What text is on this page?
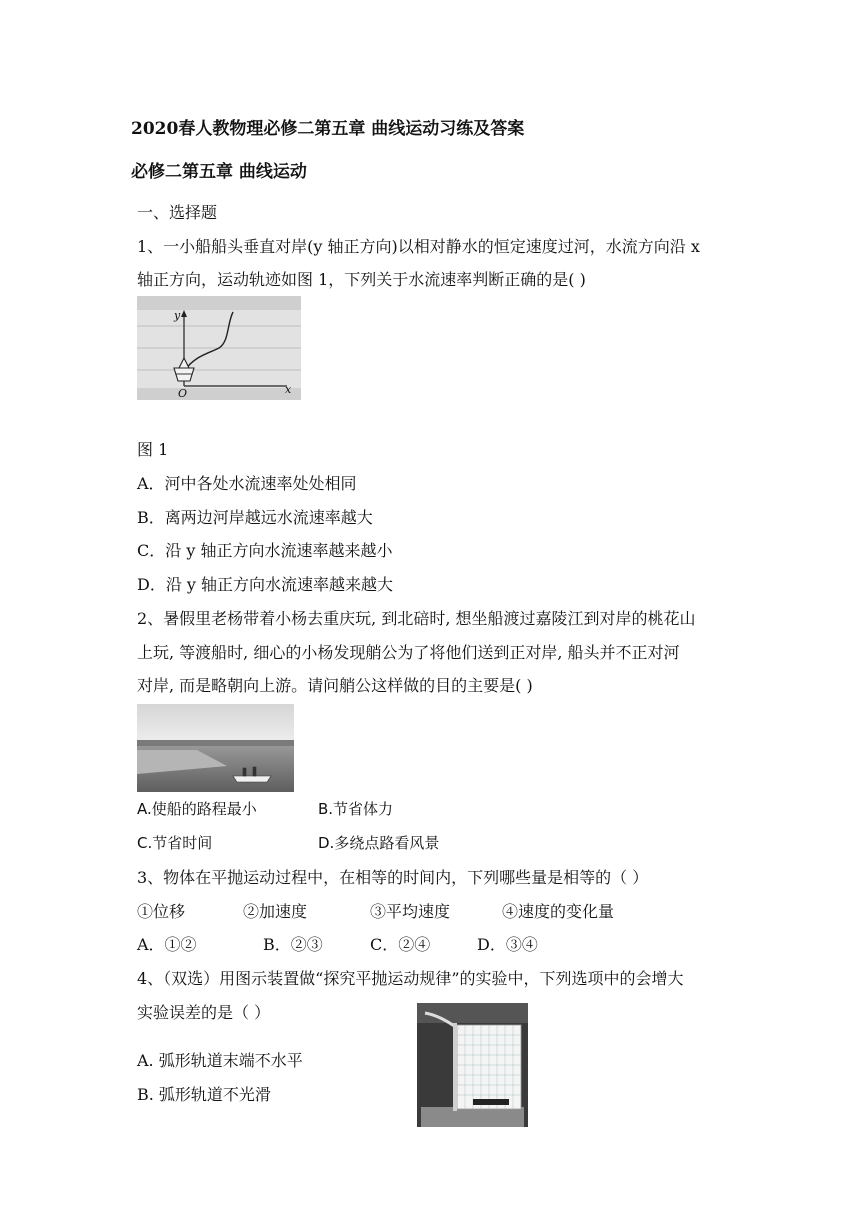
2020春人教物理必修二第五章 曲线运动习练及答案
必修二第五章 曲线运动
一、选择题
1、一小船船头垂直对岸(y 轴正方向)以相对静水的恒定速度过河，水流方向沿 x
轴正方向，运动轨迹如图 1，下列关于水流速率判断正确的是( )
y
x
O
图 1
A．河中各处水流速率处处相同
B．离两边河岸越远水流速率越大
C．沿 y 轴正方向水流速率越来越小
D．沿 y 轴正方向水流速率越来越大
2、暑假里老杨带着小杨去重庆玩, 到北碚时, 想坐船渡过嘉陵江到对岸的桃花山
上玩, 等渡船时, 细心的小杨发现艄公为了将他们送到正对岸, 船头并不正对河
对岸, 而是略朝向上游。请问艄公这样做的目的主要是( )
A.使船的路程最小	B.节省体力
C.节省时间	D.多绕点路看风景
3、物体在平抛运动过程中，在相等的时间内，下列哪些量是相等的（ ）
①位移	②加速度	③平均速度	④速度的变化量
A．①②	B．②③	C．②④	D．③④
4、（双选）用图示装置做“探究平抛运动规律”的实验中，下列选项中的会增大
实验误差的是（ ）
A. 弧形轨道末端不水平
B. 弧形轨道不光滑
